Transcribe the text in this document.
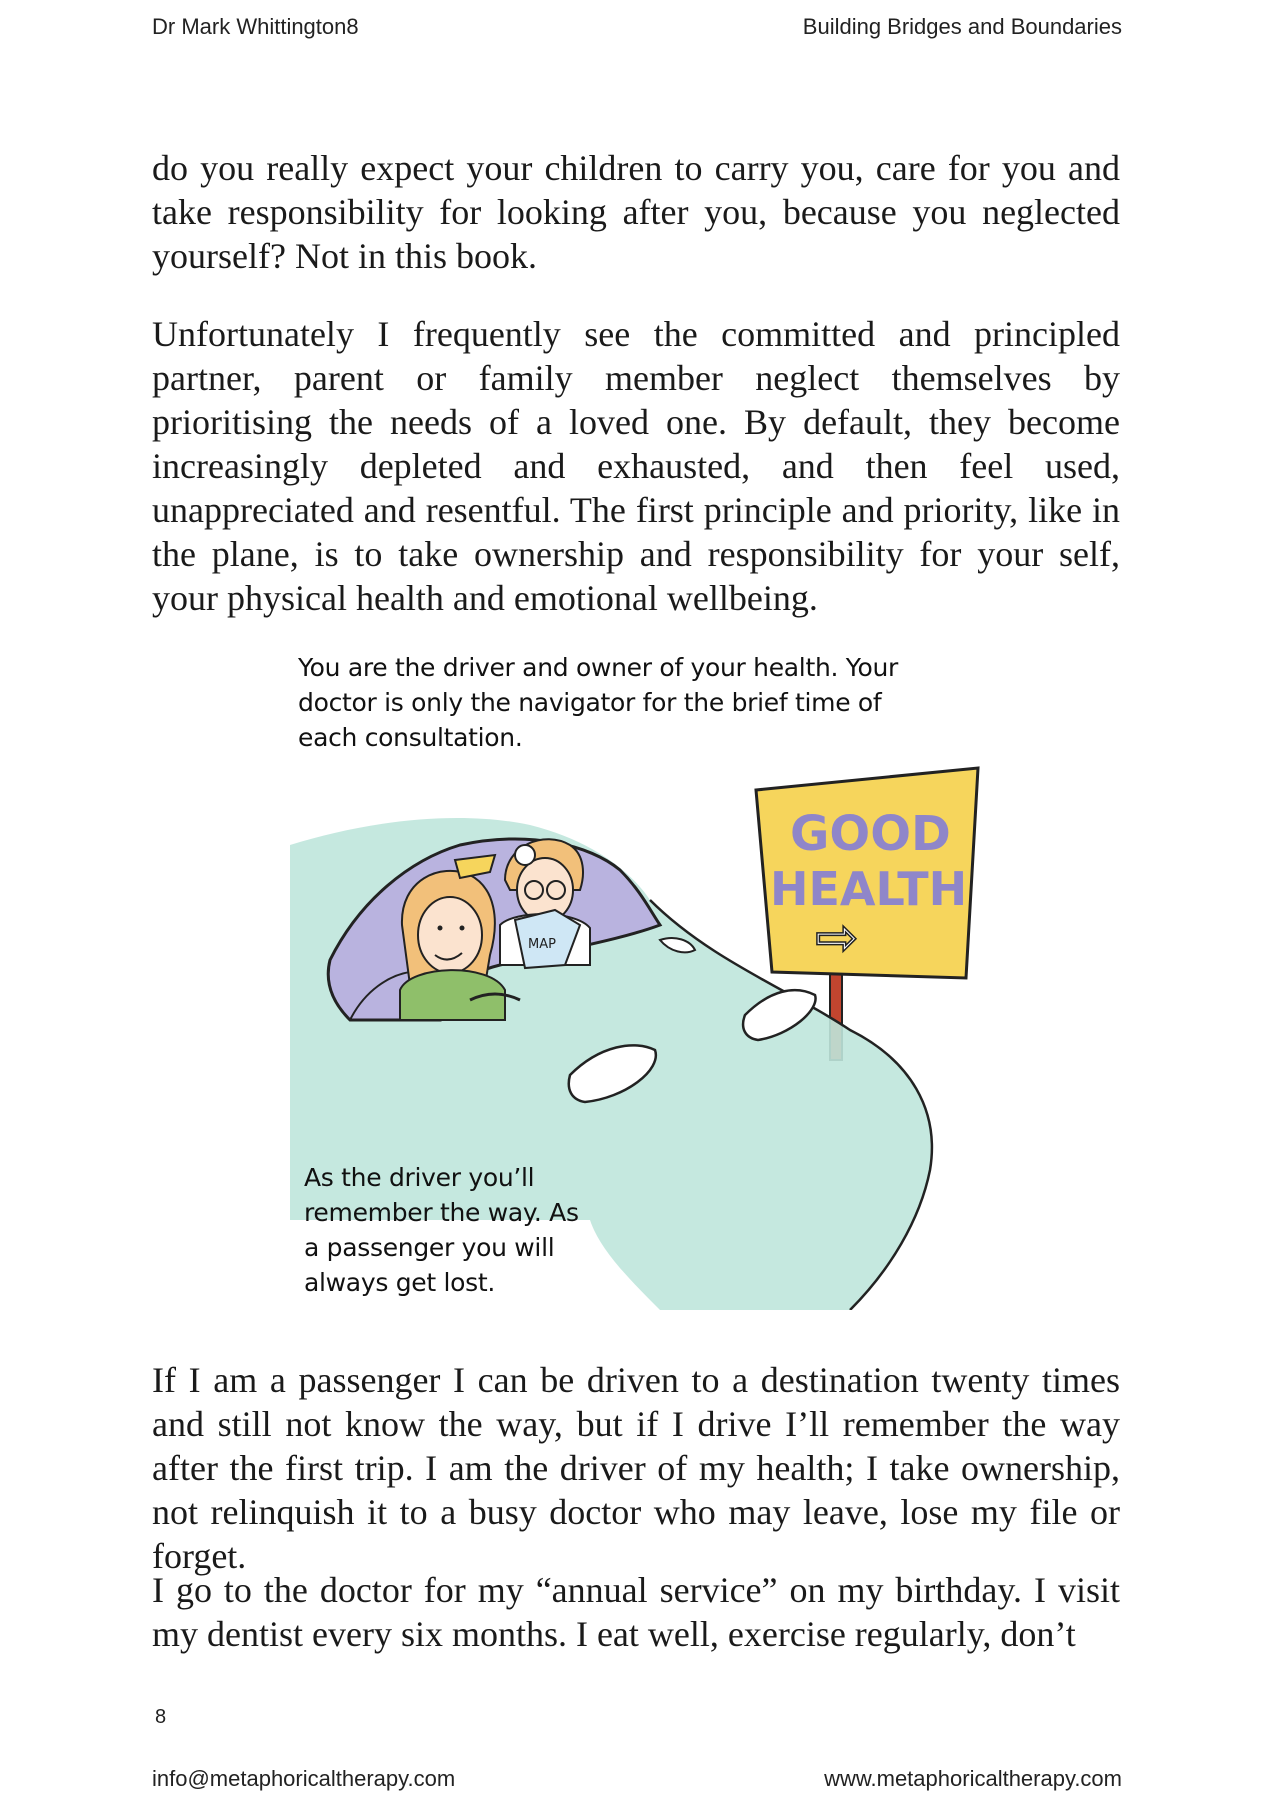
Dr Mark Whittington8	Building Bridges and Boundaries

do you really expect your children to carry you, care for you and take responsibility for looking after you, because you neglected yourself? Not in this book.

Unfortunately I frequently see the committed and principled partner, parent or family member neglect themselves by prioritising the needs of a loved one. By default, they become increasingly depleted and exhausted, and then feel used, unappreciated and resentful. The first principle and priority, like in the plane, is to take ownership and responsibility for your self, your physical health and emotional wellbeing.

You are the driver and owner of your health. Your doctor is only the navigator for the brief time of each consultation.
GOOD
HEALTH
⇨
MAP
As the driver you’ll remember the way. As a passenger you will always get lost.

If I am a passenger I can be driven to a destination twenty times and still not know the way, but if I drive I’ll remember the way after the first trip. I am the driver of my health; I take ownership, not relinquish it to a busy doctor who may leave, lose my file or forget.

I go to the doctor for my “annual service” on my birthday. I visit my dentist every six months. I eat well, exercise regularly, don’t

8
info@metaphoricaltherapy.com	www.metaphoricaltherapy.com
